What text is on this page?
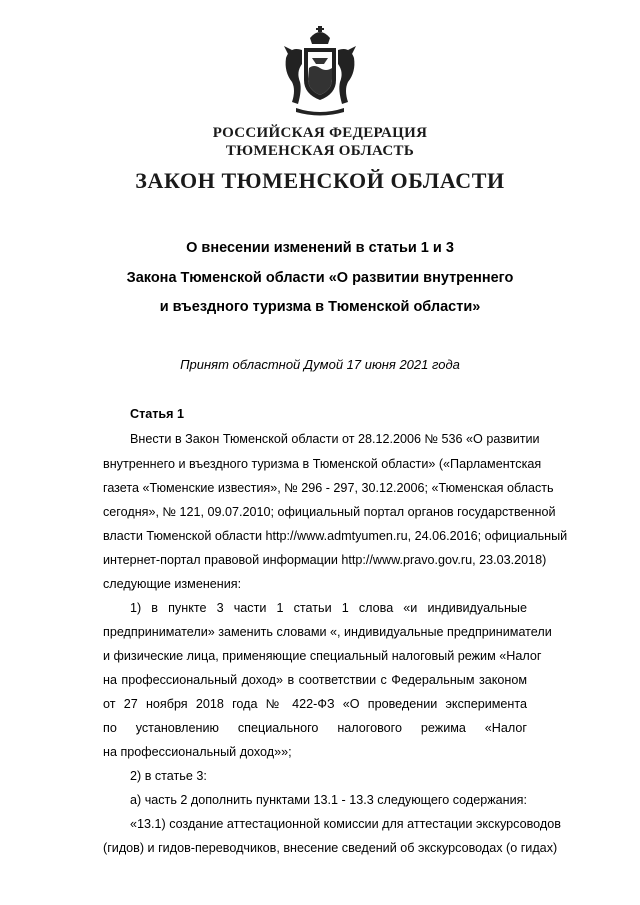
РОССИЙСКАЯ ФЕДЕРАЦИЯ
ТЮМЕНСКАЯ ОБЛАСТЬ
ЗАКОН ТЮМЕНСКОЙ ОБЛАСТИ
О внесении изменений в статьи 1 и 3
Закона Тюменской области «О развитии внутреннего
и въездного туризма в Тюменской области»
Принят областной Думой 17 июня 2021 года
Статья 1
Внести в Закон Тюменской области от 28.12.2006 № 536 «О развитии
внутреннего и въездного туризма в Тюменской области» («Парламентская
газета «Тюменские известия», № 296 - 297, 30.12.2006; «Тюменская область
сегодня», № 121, 09.07.2010; официальный портал органов государственной
власти Тюменской области http://www.admtyumen.ru, 24.06.2016; официальный
интернет-портал правовой информации http://www.pravo.gov.ru, 23.03.2018)
следующие изменения:
1) в пункте 3 части 1 статьи 1 слова «и индивидуальные
предприниматели» заменить словами «, индивидуальные предприниматели
и физические лица, применяющие специальный налоговый режим «Налог
на профессиональный доход» в соответствии с Федеральным законом
от 27 ноября 2018 года № 422-ФЗ «О проведении эксперимента
по установлению специального налогового режима «Налог
на профессиональный доход»»;
2) в статье 3:
а) часть 2 дополнить пунктами 13.1 - 13.3 следующего содержания:
«13.1) создание аттестационной комиссии для аттестации экскурсоводов
(гидов) и гидов-переводчиков, внесение сведений об экскурсоводах (о гидах)
